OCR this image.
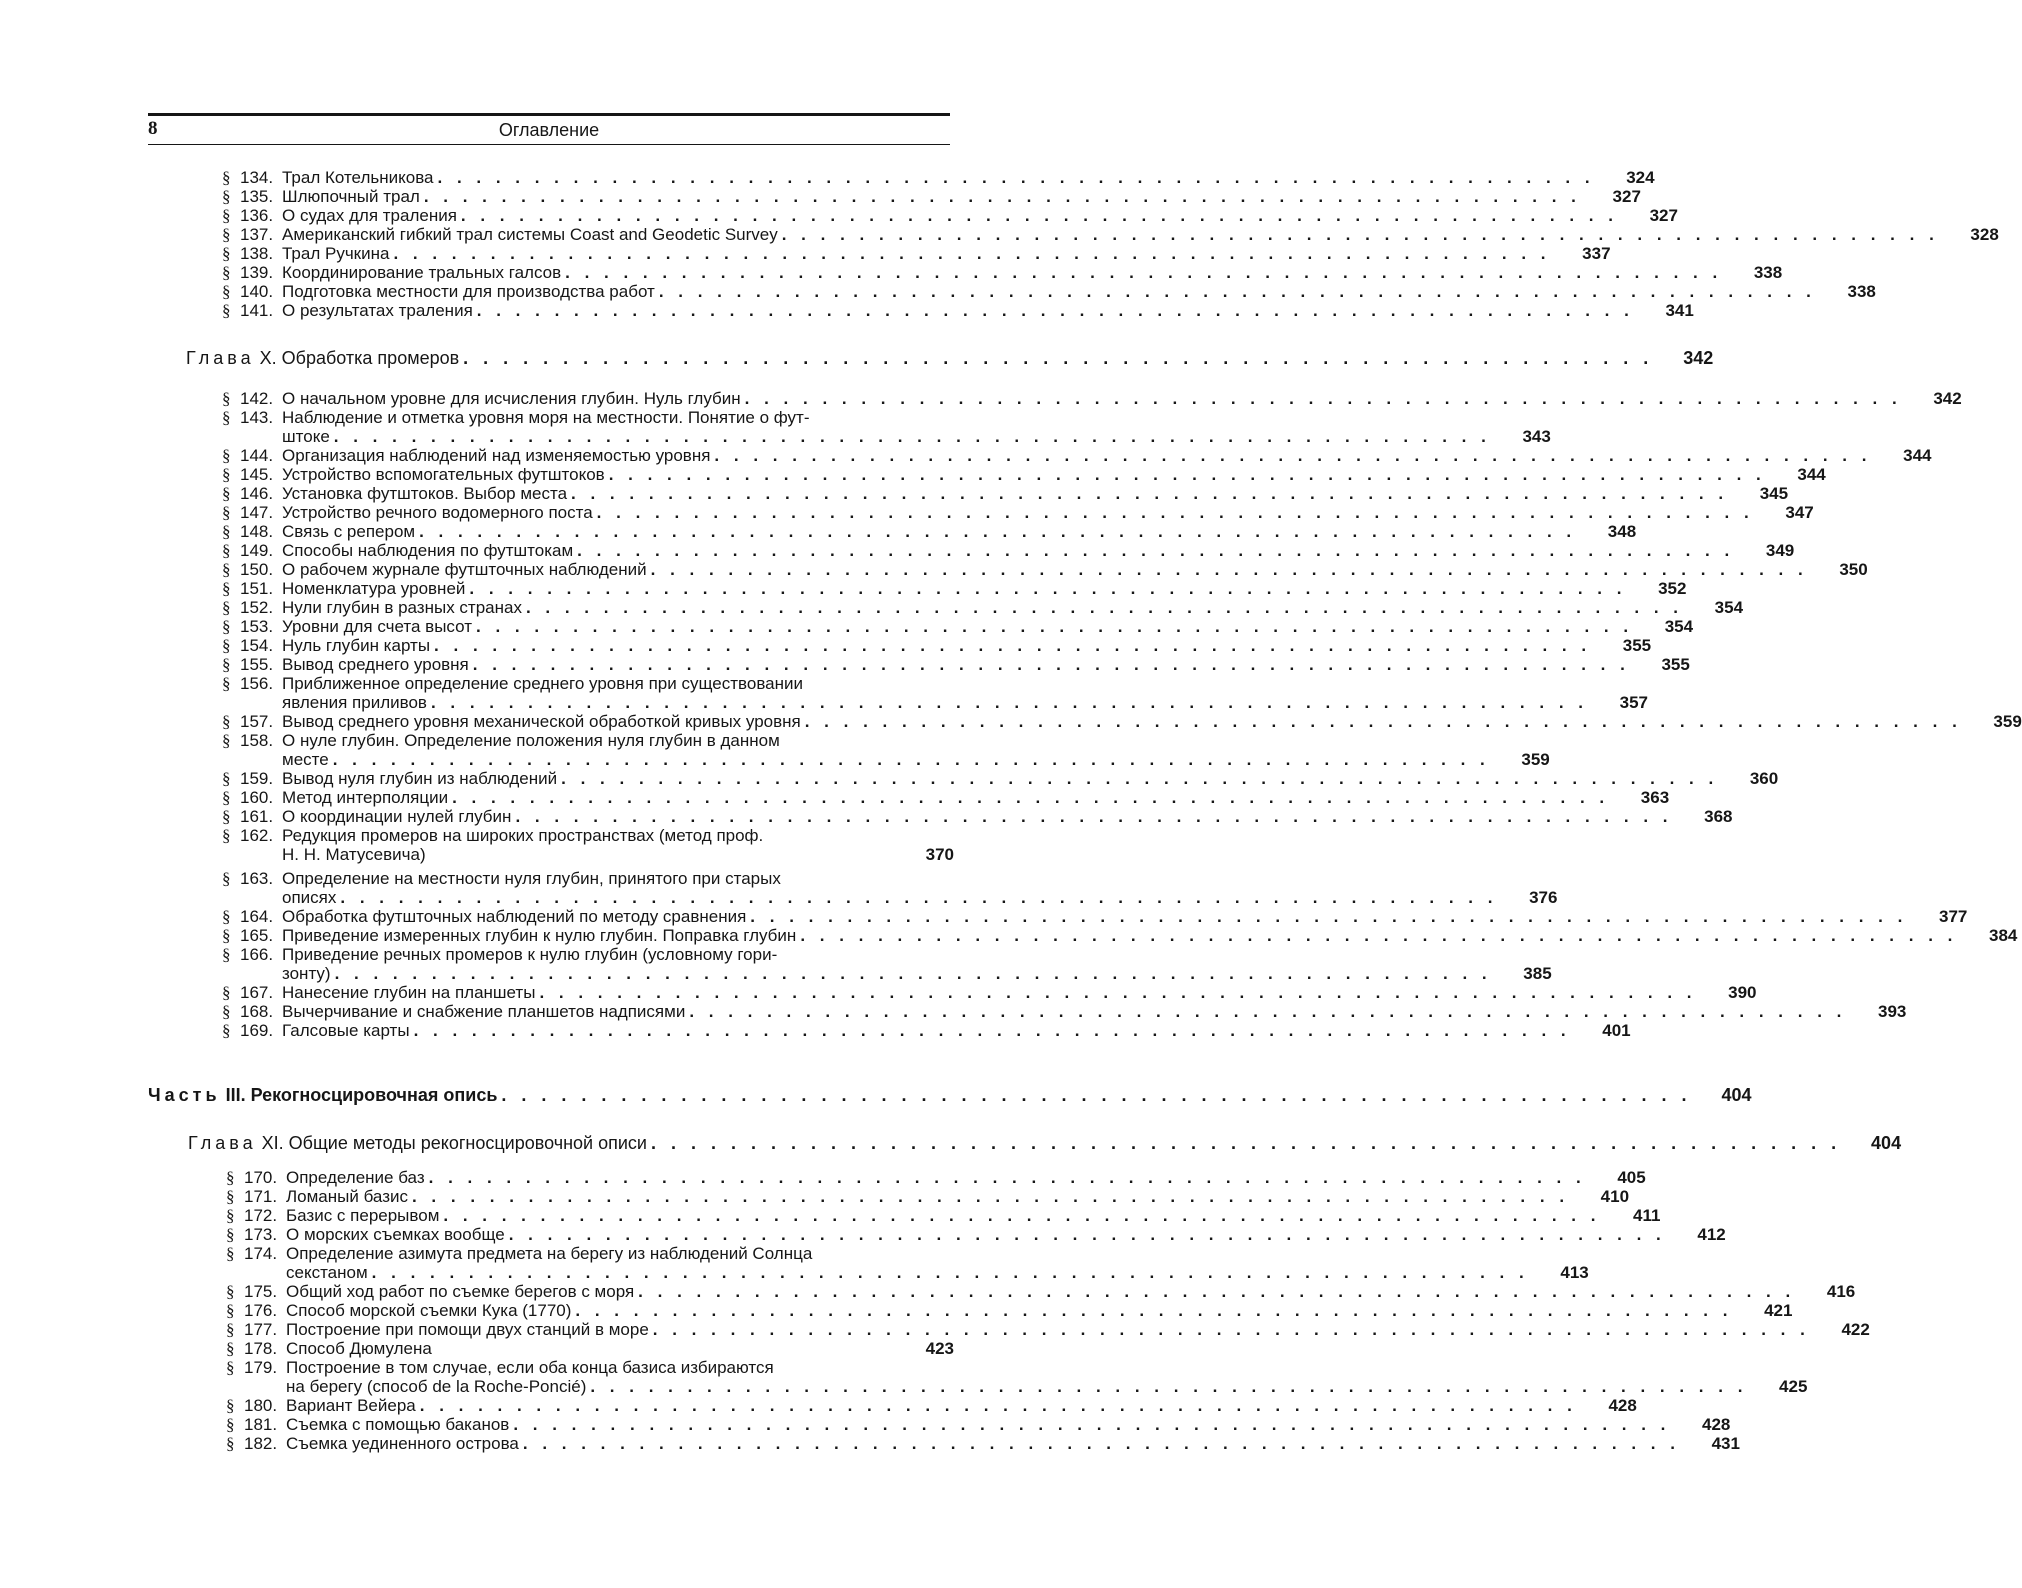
8	Оглавление
§ 134. Трал Котельникова . . . . . . . . . . . . . . . . . . . . . . . . . . . . . . . . . . . . . . . . . . . . . . . . . . . . . . . . . . . .	324
§ 135. Шлюпочный трал . . . . . . . . . . . . . . . . . . . . . . . . . . . . . . . . . . . . . . . . . . . . . . . . . . . . . . . . . . . .	327
§ 136. О судах для траления . . . . . . . . . . . . . . . . . . . . . . . . . . . . . . . . . . . . . . . . . . . . . . . . . . . . . . . . . . . .	327
§ 137. Американский гибкий трал системы Coast and Geodetic Survey . . . . . . . . . . . . . . . . . . . . . . . . . . . . . . . . . . . . . . . . . . . . . . . . . . . . . . . . . . . .	328
§ 138. Трал Ручкина . . . . . . . . . . . . . . . . . . . . . . . . . . . . . . . . . . . . . . . . . . . . . . . . . . . . . . . . . . . .	337
§ 139. Координирование тральных галсов . . . . . . . . . . . . . . . . . . . . . . . . . . . . . . . . . . . . . . . . . . . . . . . . . . . . . . . . . . . .	338
§ 140. Подготовка местности для производства работ . . . . . . . . . . . . . . . . . . . . . . . . . . . . . . . . . . . . . . . . . . . . . . . . . . . . . . . . . . . .	338
§ 141. О результатах траления . . . . . . . . . . . . . . . . . . . . . . . . . . . . . . . . . . . . . . . . . . . . . . . . . . . . . . . . . . . .	341
Глава X. Обработка промеров . . . . . . . . . . . . . . . . . . . . . . . . . . . . . . . . . . . . . . . . . . . . . . . . . . . . . . . . . . . .	342
§ 142. О начальном уровне для исчисления глубин. Нуль глубин . . . . . . . . . . . . . . . . . . . . . . . . . . . . . . . . . . . . . . . . . . . . . . . . . . . . . . . . . . . .	342
§ 143. Наблюдение и отметка уровня моря на местности. Понятие о фут-
штоке . . . . . . . . . . . . . . . . . . . . . . . . . . . . . . . . . . . . . . . . . . . . . . . . . . . . . . . . . . . .	343
§ 144. Организация наблюдений над изменяемостью уровня . . . . . . . . . . . . . . . . . . . . . . . . . . . . . . . . . . . . . . . . . . . . . . . . . . . . . . . . . . . .	344
§ 145. Устройство вспомогательных футштоков . . . . . . . . . . . . . . . . . . . . . . . . . . . . . . . . . . . . . . . . . . . . . . . . . . . . . . . . . . . .	344
§ 146. Установка футштоков. Выбор места . . . . . . . . . . . . . . . . . . . . . . . . . . . . . . . . . . . . . . . . . . . . . . . . . . . . . . . . . . . .	345
§ 147. Устройство речного водомерного поста . . . . . . . . . . . . . . . . . . . . . . . . . . . . . . . . . . . . . . . . . . . . . . . . . . . . . . . . . . . .	347
§ 148. Связь с репером . . . . . . . . . . . . . . . . . . . . . . . . . . . . . . . . . . . . . . . . . . . . . . . . . . . . . . . . . . . .	348
§ 149. Способы наблюдения по футштокам . . . . . . . . . . . . . . . . . . . . . . . . . . . . . . . . . . . . . . . . . . . . . . . . . . . . . . . . . . . .	349
§ 150. О рабочем журнале футшточных наблюдений . . . . . . . . . . . . . . . . . . . . . . . . . . . . . . . . . . . . . . . . . . . . . . . . . . . . . . . . . . . .	350
§ 151. Номенклатура уровней . . . . . . . . . . . . . . . . . . . . . . . . . . . . . . . . . . . . . . . . . . . . . . . . . . . . . . . . . . . .	352
§ 152. Нули глубин в разных странах . . . . . . . . . . . . . . . . . . . . . . . . . . . . . . . . . . . . . . . . . . . . . . . . . . . . . . . . . . . .	354
§ 153. Уровни для счета высот . . . . . . . . . . . . . . . . . . . . . . . . . . . . . . . . . . . . . . . . . . . . . . . . . . . . . . . . . . . .	354
§ 154. Нуль глубин карты . . . . . . . . . . . . . . . . . . . . . . . . . . . . . . . . . . . . . . . . . . . . . . . . . . . . . . . . . . . .	355
§ 155. Вывод среднего уровня . . . . . . . . . . . . . . . . . . . . . . . . . . . . . . . . . . . . . . . . . . . . . . . . . . . . . . . . . . . .	355
§ 156. Приближенное определение среднего уровня при существовании
явления приливов . . . . . . . . . . . . . . . . . . . . . . . . . . . . . . . . . . . . . . . . . . . . . . . . . . . . . . . . . . . .	357
§ 157. Вывод среднего уровня механической обработкой кривых уровня . . . . . . . . . . . . . . . . . . . . . . . . . . . . . . . . . . . . . . . . . . . . . . . . . . . . . . . . . . . .	359
§ 158. О нуле глубин. Определение положения нуля глубин в данном
месте . . . . . . . . . . . . . . . . . . . . . . . . . . . . . . . . . . . . . . . . . . . . . . . . . . . . . . . . . . . .	359
§ 159. Вывод нуля глубин из наблюдений . . . . . . . . . . . . . . . . . . . . . . . . . . . . . . . . . . . . . . . . . . . . . . . . . . . . . . . . . . . .	360
§ 160. Метод интерполяции . . . . . . . . . . . . . . . . . . . . . . . . . . . . . . . . . . . . . . . . . . . . . . . . . . . . . . . . . . . .	363
§ 161. О координации нулей глубин . . . . . . . . . . . . . . . . . . . . . . . . . . . . . . . . . . . . . . . . . . . . . . . . . . . . . . . . . . . .	368
§ 162. Редукция промеров на широких пространствах (метод проф.
Н. Н. Матусевича)	370
§ 163. Определение на местности нуля глубин, принятого при старых
описях . . . . . . . . . . . . . . . . . . . . . . . . . . . . . . . . . . . . . . . . . . . . . . . . . . . . . . . . . . . .	376
§ 164. Обработка футшточных наблюдений по методу сравнения . . . . . . . . . . . . . . . . . . . . . . . . . . . . . . . . . . . . . . . . . . . . . . . . . . . . . . . . . . . .	377
§ 165. Приведение измеренных глубин к нулю глубин. Поправка глубин . . . . . . . . . . . . . . . . . . . . . . . . . . . . . . . . . . . . . . . . . . . . . . . . . . . . . . . . . . . .	384
§ 166. Приведение речных промеров к нулю глубин (условному гори-
зонту) . . . . . . . . . . . . . . . . . . . . . . . . . . . . . . . . . . . . . . . . . . . . . . . . . . . . . . . . . . . .	385
§ 167. Нанесение глубин на планшеты . . . . . . . . . . . . . . . . . . . . . . . . . . . . . . . . . . . . . . . . . . . . . . . . . . . . . . . . . . . .	390
§ 168. Вычерчивание и снабжение планшетов надписями . . . . . . . . . . . . . . . . . . . . . . . . . . . . . . . . . . . . . . . . . . . . . . . . . . . . . . . . . . . .	393
§ 169. Галсовые карты . . . . . . . . . . . . . . . . . . . . . . . . . . . . . . . . . . . . . . . . . . . . . . . . . . . . . . . . . . . .	401
Часть III. Рекогносцировочная опись . . . . . . . . . . . . . . . . . . . . . . . . . . . . . . . . . . . . . . . . . . . . . . . . . . . . . . . . . . . .	404
Глава XI. Общие методы рекогносцировочной описи . . . . . . . . . . . . . . . . . . . . . . . . . . . . . . . . . . . . . . . . . . . . . . . . . . . . . . . . . . . .	404
§ 170. Определение баз . . . . . . . . . . . . . . . . . . . . . . . . . . . . . . . . . . . . . . . . . . . . . . . . . . . . . . . . . . . .	405
§ 171. Ломаный базис . . . . . . . . . . . . . . . . . . . . . . . . . . . . . . . . . . . . . . . . . . . . . . . . . . . . . . . . . . . .	410
§ 172. Базис с перерывом . . . . . . . . . . . . . . . . . . . . . . . . . . . . . . . . . . . . . . . . . . . . . . . . . . . . . . . . . . . .	411
§ 173. О морских съемках вообще . . . . . . . . . . . . . . . . . . . . . . . . . . . . . . . . . . . . . . . . . . . . . . . . . . . . . . . . . . . .	412
§ 174. Определение азимута предмета на берегу из наблюдений Солнца
секстаном . . . . . . . . . . . . . . . . . . . . . . . . . . . . . . . . . . . . . . . . . . . . . . . . . . . . . . . . . . . .	413
§ 175. Общий ход работ по съемке берегов с моря . . . . . . . . . . . . . . . . . . . . . . . . . . . . . . . . . . . . . . . . . . . . . . . . . . . . . . . . . . . .	416
§ 176. Способ морской съемки Кука (1770) . . . . . . . . . . . . . . . . . . . . . . . . . . . . . . . . . . . . . . . . . . . . . . . . . . . . . . . . . . . .	421
§ 177. Построение при помощи двух станций в море . . . . . . . . . . . . . . . . . . . . . . . . . . . . . . . . . . . . . . . . . . . . . . . . . . . . . . . . . . . .	422
§ 178. Способ Дюмулена	423
§ 179. Построение в том случае, если оба конца базиса избираются
на берегу (способ de la Roche-Poncié) . . . . . . . . . . . . . . . . . . . . . . . . . . . . . . . . . . . . . . . . . . . . . . . . . . . . . . . . . . . .	425
§ 180. Вариант Вейера . . . . . . . . . . . . . . . . . . . . . . . . . . . . . . . . . . . . . . . . . . . . . . . . . . . . . . . . . . . .	428
§ 181. Съемка с помощью баканов . . . . . . . . . . . . . . . . . . . . . . . . . . . . . . . . . . . . . . . . . . . . . . . . . . . . . . . . . . . .	428
§ 182. Съемка уединенного острова . . . . . . . . . . . . . . . . . . . . . . . . . . . . . . . . . . . . . . . . . . . . . . . . . . . . . . . . . . . .	431
